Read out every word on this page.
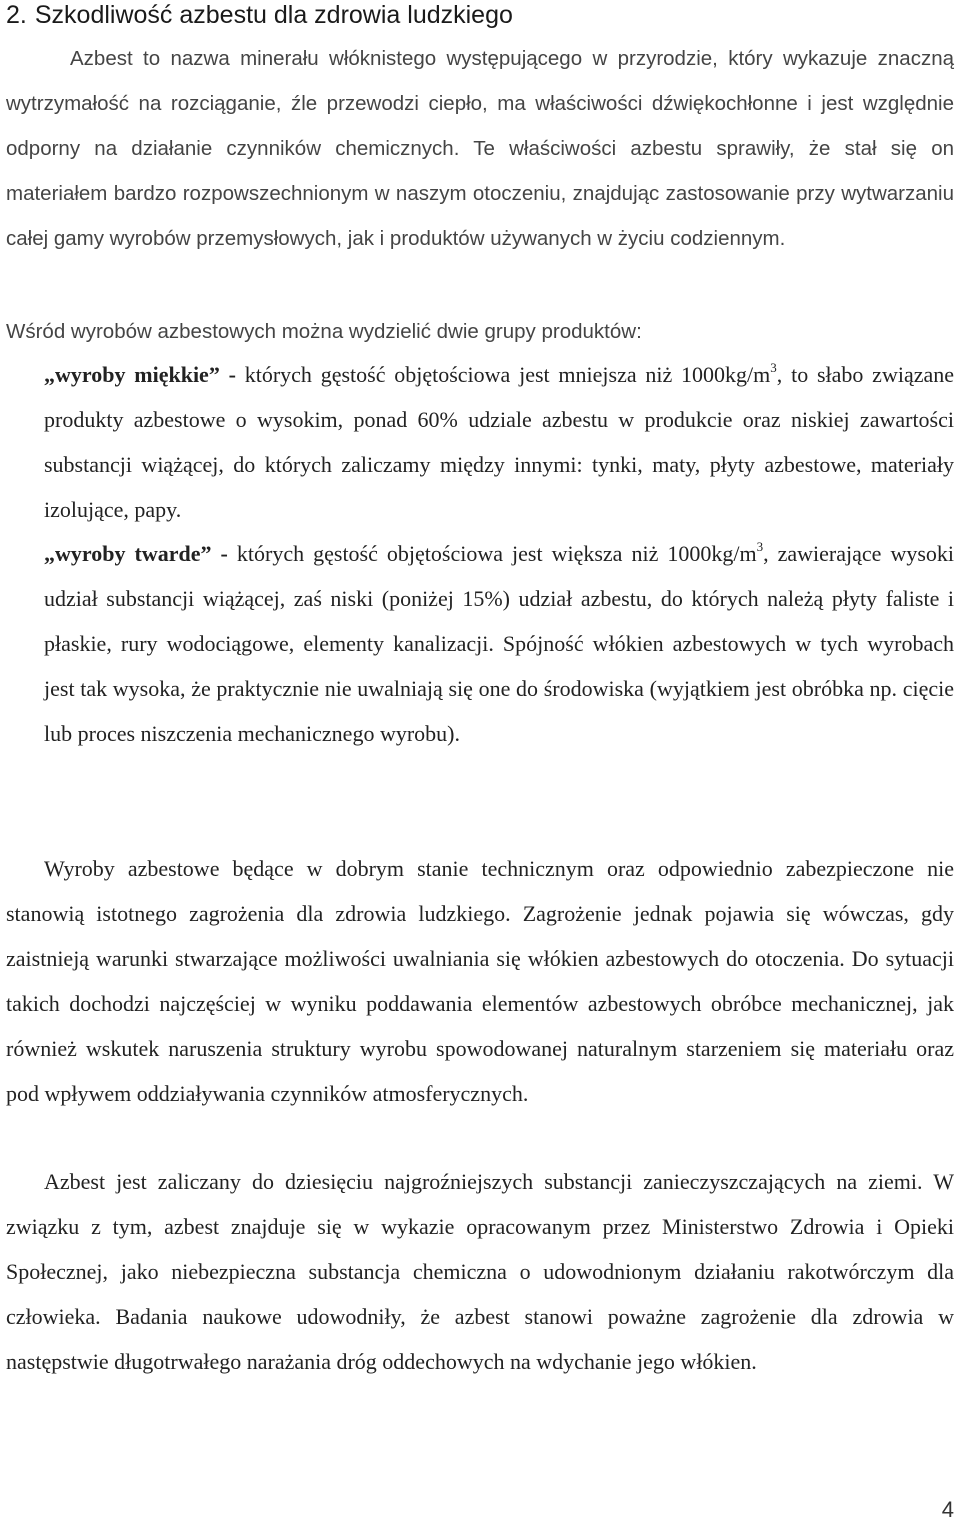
2. Szkodliwość azbestu dla zdrowia ludzkiego

Azbest to nazwa minerału włóknistego występującego w przyrodzie, który wykazuje znaczną wytrzymałość na rozciąganie, źle przewodzi ciepło, ma właściwości dźwiękochłonne i jest względnie odporny na działanie czynników chemicznych. Te właściwości azbestu sprawiły, że stał się on materiałem bardzo rozpowszechnionym w naszym otoczeniu, znajdując zastosowanie przy wytwarzaniu całej gamy wyrobów przemysłowych, jak i produktów używanych w życiu codziennym.

Wśród wyrobów azbestowych można wydzielić dwie grupy produktów:

„wyroby miękkie” - których gęstość objętościowa jest mniejsza niż $1000kg/m^3$, to słabo związane produkty azbestowe o wysokim, ponad 60% udziale azbestu w produkcie oraz niskiej zawartości substancji wiążącej, do których zaliczamy między innymi: tynki, maty, płyty azbestowe, materiały izolujące, papy.

„wyroby twarde” - których gęstość objętościowa jest większa niż $1000kg/m^3$, zawierające wysoki udział substancji wiążącej, zaś niski (poniżej 15%) udział azbestu, do których należą płyty faliste i płaskie, rury wodociągowe, elementy kanalizacji. Spójność włókien azbestowych w tych wyrobach jest tak wysoka, że praktycznie nie uwalniają się one do środowiska (wyjątkiem jest obróbka np. cięcie lub proces niszczenia mechanicznego wyrobu).

Wyroby azbestowe będące w dobrym stanie technicznym oraz odpowiednio zabezpieczone nie stanowią istotnego zagrożenia dla zdrowia ludzkiego. Zagrożenie jednak pojawia się wówczas, gdy zaistnieją warunki stwarzające możliwości uwalniania się włókien azbestowych do otoczenia. Do sytuacji takich dochodzi najczęściej w wyniku poddawania elementów azbestowych obróbce mechanicznej, jak również wskutek naruszenia struktury wyrobu spowodowanej naturalnym starzeniem się materiału oraz pod wpływem oddziaływania czynników atmosferycznych.

Azbest jest zaliczany do dziesięciu najgroźniejszych substancji zanieczyszczających na ziemi. W związku z tym, azbest znajduje się w wykazie opracowanym przez Ministerstwo Zdrowia i Opieki Społecznej, jako niebezpieczna substancja chemiczna o udowodnionym działaniu rakotwórczym dla człowieka. Badania naukowe udowodniły, że azbest stanowi poważne zagrożenie dla zdrowia w następstwie długotrwałego narażania dróg oddechowych na wdychanie jego włókien.

4
